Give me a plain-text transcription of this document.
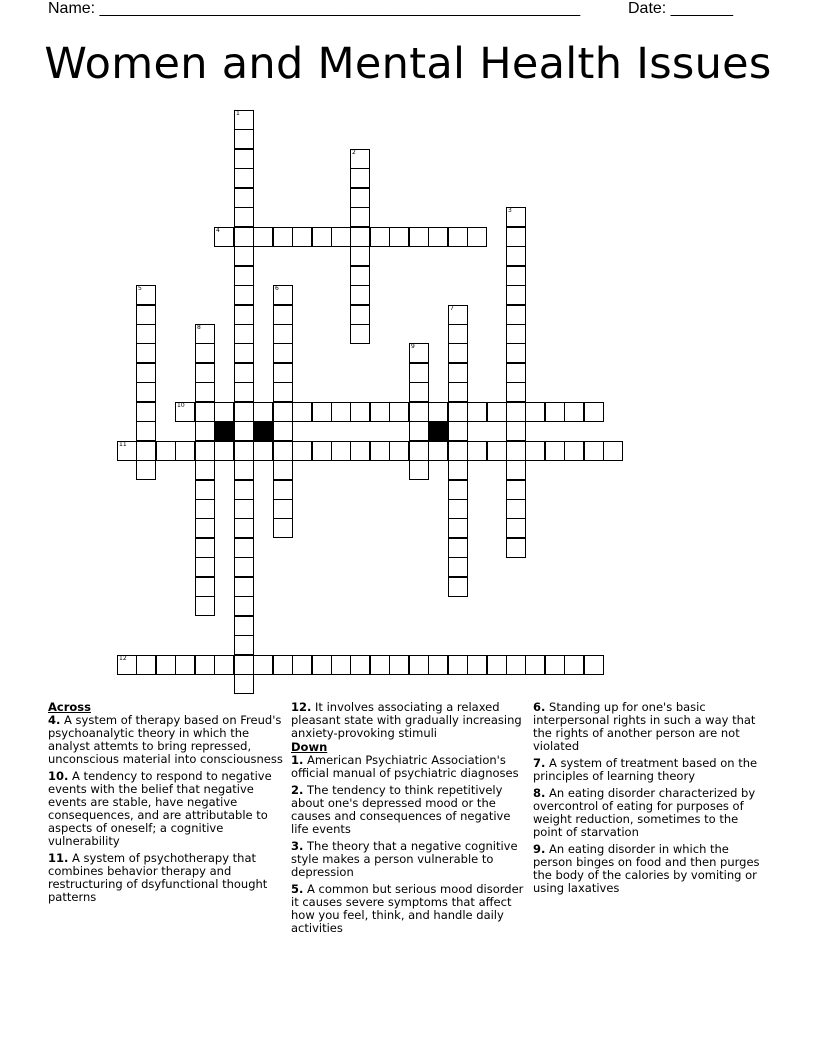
Name: ______________________________________________________	Date: _______
Women and Mental Health Issues
1
2
3
4
5	6
7
8
9
10
11
12
Across
4. A system of therapy based on Freud's psychoanalytic theory in which the analyst attemts to bring repressed, unconscious material into consciousness
10. A tendency to respond to negative events with the belief that negative events are stable, have negative consequences, and are attributable to aspects of oneself; a cognitive vulnerability
11. A system of psychotherapy that combines behavior therapy and restructuring of dsyfunctional thought patterns
12. It involves associating a relaxed pleasant state with gradually increasing anxiety-provoking stimuli
Down
1. American Psychiatric Association's official manual of psychiatric diagnoses
2. The tendency to think repetitively about one's depressed mood or the causes and consequences of negative life events
3. The theory that a negative cognitive style makes a person vulnerable to depression
5. A common but serious mood disorder it causes severe symptoms that affect how you feel, think, and handle daily activities
6. Standing up for one's basic interpersonal rights in such a way that the rights of another person are not violated
7. A system of treatment based on the principles of learning theory
8. An eating disorder characterized by overcontrol of eating for purposes of weight reduction, sometimes to the point of starvation
9. An eating disorder in which the person binges on food and then purges the body of the calories by vomiting or using laxatives
